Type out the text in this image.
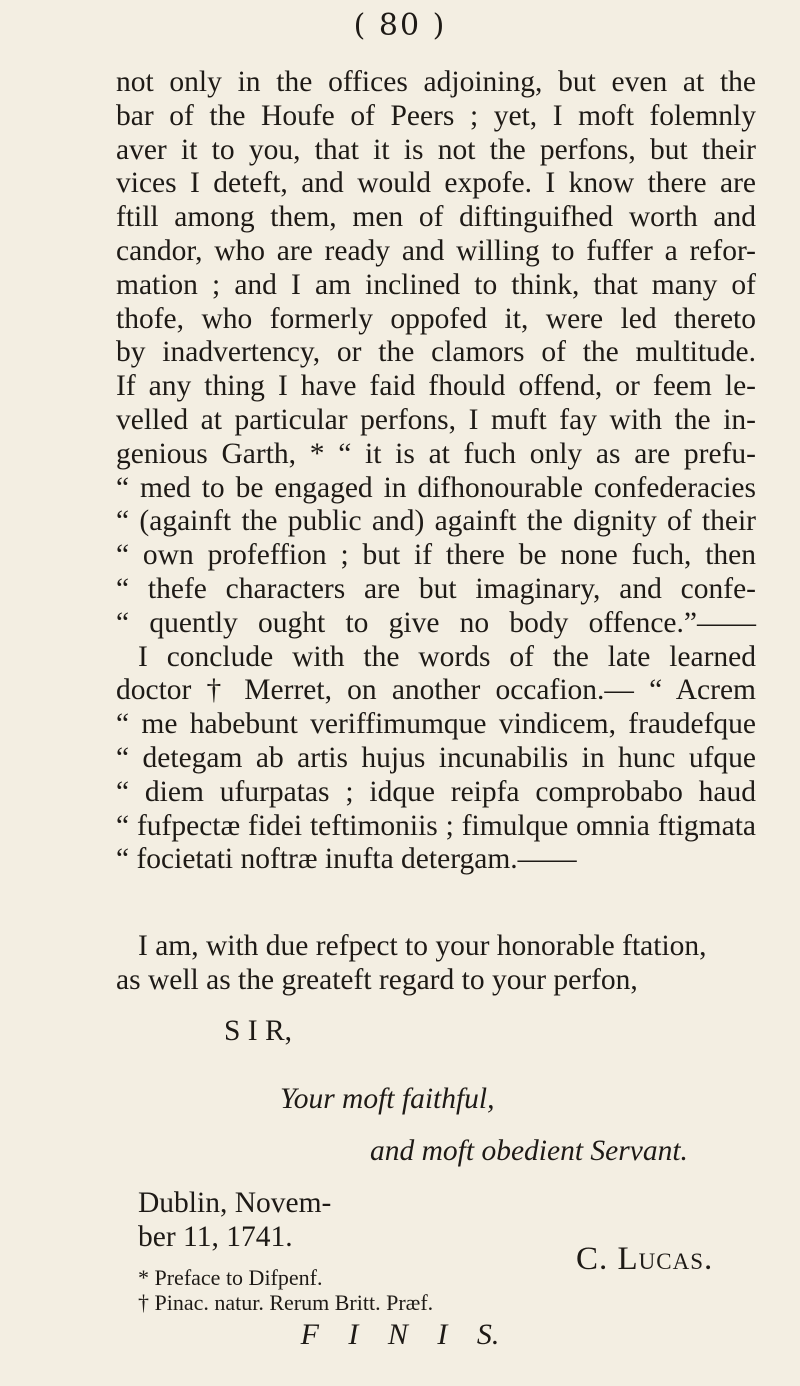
( 80 )
not only in the offices adjoining, but even at the
bar of the Houfe of Peers ; yet, I moft folemnly
aver it to you, that it is not the perfons, but their
vices I deteft, and would expofe. I know there are
ftill among them, men of diftinguifhed worth and
candor, who are ready and willing to fuffer a refor-
mation ; and I am inclined to think, that many of
thofe, who formerly oppofed it, were led thereto
by inadvertency, or the clamors of the multitude.
If any thing I have faid fhould offend, or feem le-
velled at particular perfons, I muft fay with the in-
genious Garth, * “ it is at fuch only as are prefu-
“ med to be engaged in difhonourable confederacies
“ (againft the public and) againft the dignity of their
“ own profeffion ; but if there be none fuch, then
“ thefe characters are but imaginary, and confe-
“ quently ought to give no body offence.”——
I conclude with the words of the late learned
doctor † Merret, on another occafion.— “ Acrem
“ me habebunt veriffimumque vindicem, fraudefque
“ detegam ab artis hujus incunabilis in hunc ufque
“ diem ufurpatas ; idque reipfa comprobabo haud
“ fufpectæ fidei teftimoniis ; fimulque omnia ftigmata
“ focietati noftræ inufta detergam.——
I am, with due refpect to your honorable ftation,
as well as the greateft regard to your perfon,
S I R,
Your moft faithful,
and moft obedient Servant.
Dublin, Novem-
ber 11, 1741.
C. Lucas.
* Preface to Difpenf.
† Pinac. natur. Rerum Britt. Præf.
F I N I S.
